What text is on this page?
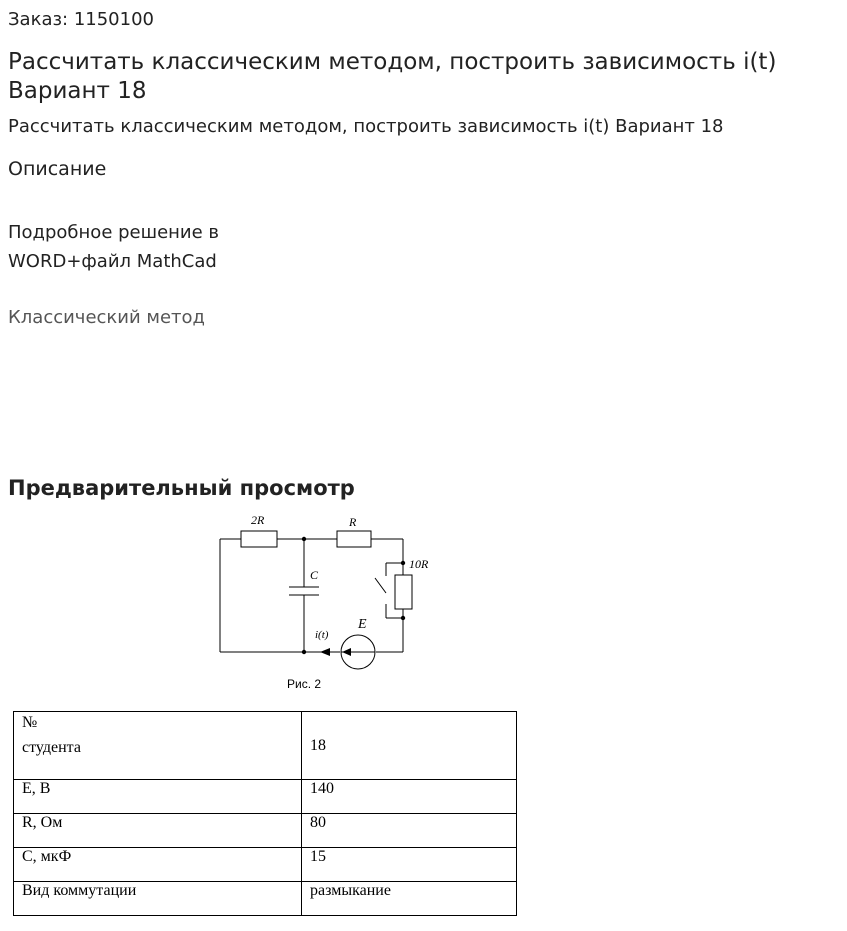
Заказ: 1150100
Рассчитать классическим методом, построить зависимость i(t) Вариант 18
Рассчитать классическим методом, построить зависимость i(t) Вариант 18
Описание
Подробное решение в
WORD+файл MathCad
Классический метод
Предварительный просмотр
2R	R
10R
C
E
i(t)
Рис. 2
№
студента	18
E, В	140
R, Ом	80
C, мкФ	15
Вид коммутации	размыкание
